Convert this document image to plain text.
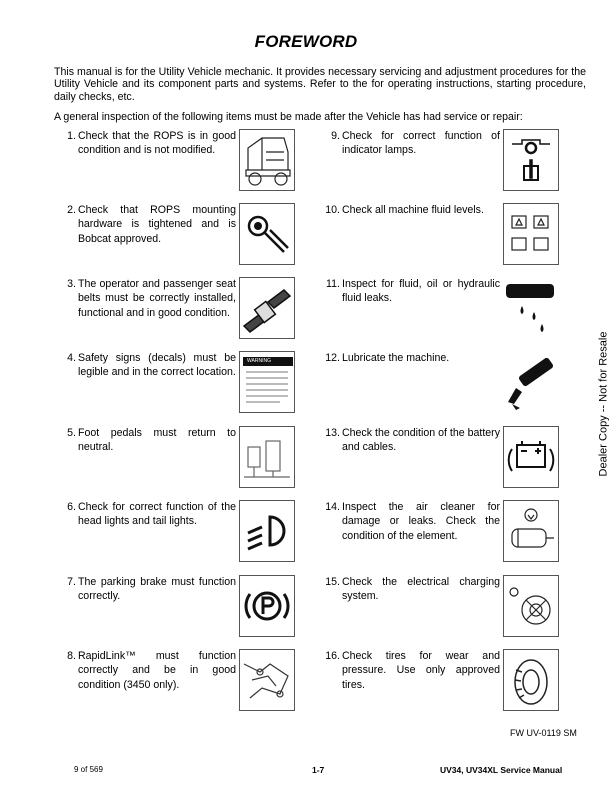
FOREWORD
This manual is for the Utility Vehicle mechanic. It provides necessary servicing and adjustment procedures for the Utility Vehicle and its component parts and systems. Refer to the for operating instructions, starting procedure, daily checks, etc.
A general inspection of the following items must be made after the Vehicle has had service or repair:
1. Check that the ROPS is in good condition and is not modified.
2. Check that ROPS mounting hardware is tightened and is Bobcat approved.
3. The operator and passenger seat belts must be correctly installed, functional and in good condition.
4. Safety signs (decals) must be legible and in the correct location.
WARNING
5. Foot pedals must return to neutral.
6. Check for correct function of the head lights and tail lights.
7. The parking brake must function correctly.
8. RapidLink™ must function correctly and be in good condition (3450 only).
9. Check for correct function of indicator lamps.
10. Check all machine fluid levels.
11. Inspect for fluid, oil or hydraulic fluid leaks.
12. Lubricate the machine.
13. Check the condition of the battery and cables.
14. Inspect the air cleaner for damage or leaks. Check the condition of the element.
15. Check the electrical charging system.
16. Check tires for wear and pressure. Use only approved tires.
Dealer Copy -- Not for Resale
FW UV-0119 SM
9 of 569	1-7	UV34, UV34XL Service Manual
